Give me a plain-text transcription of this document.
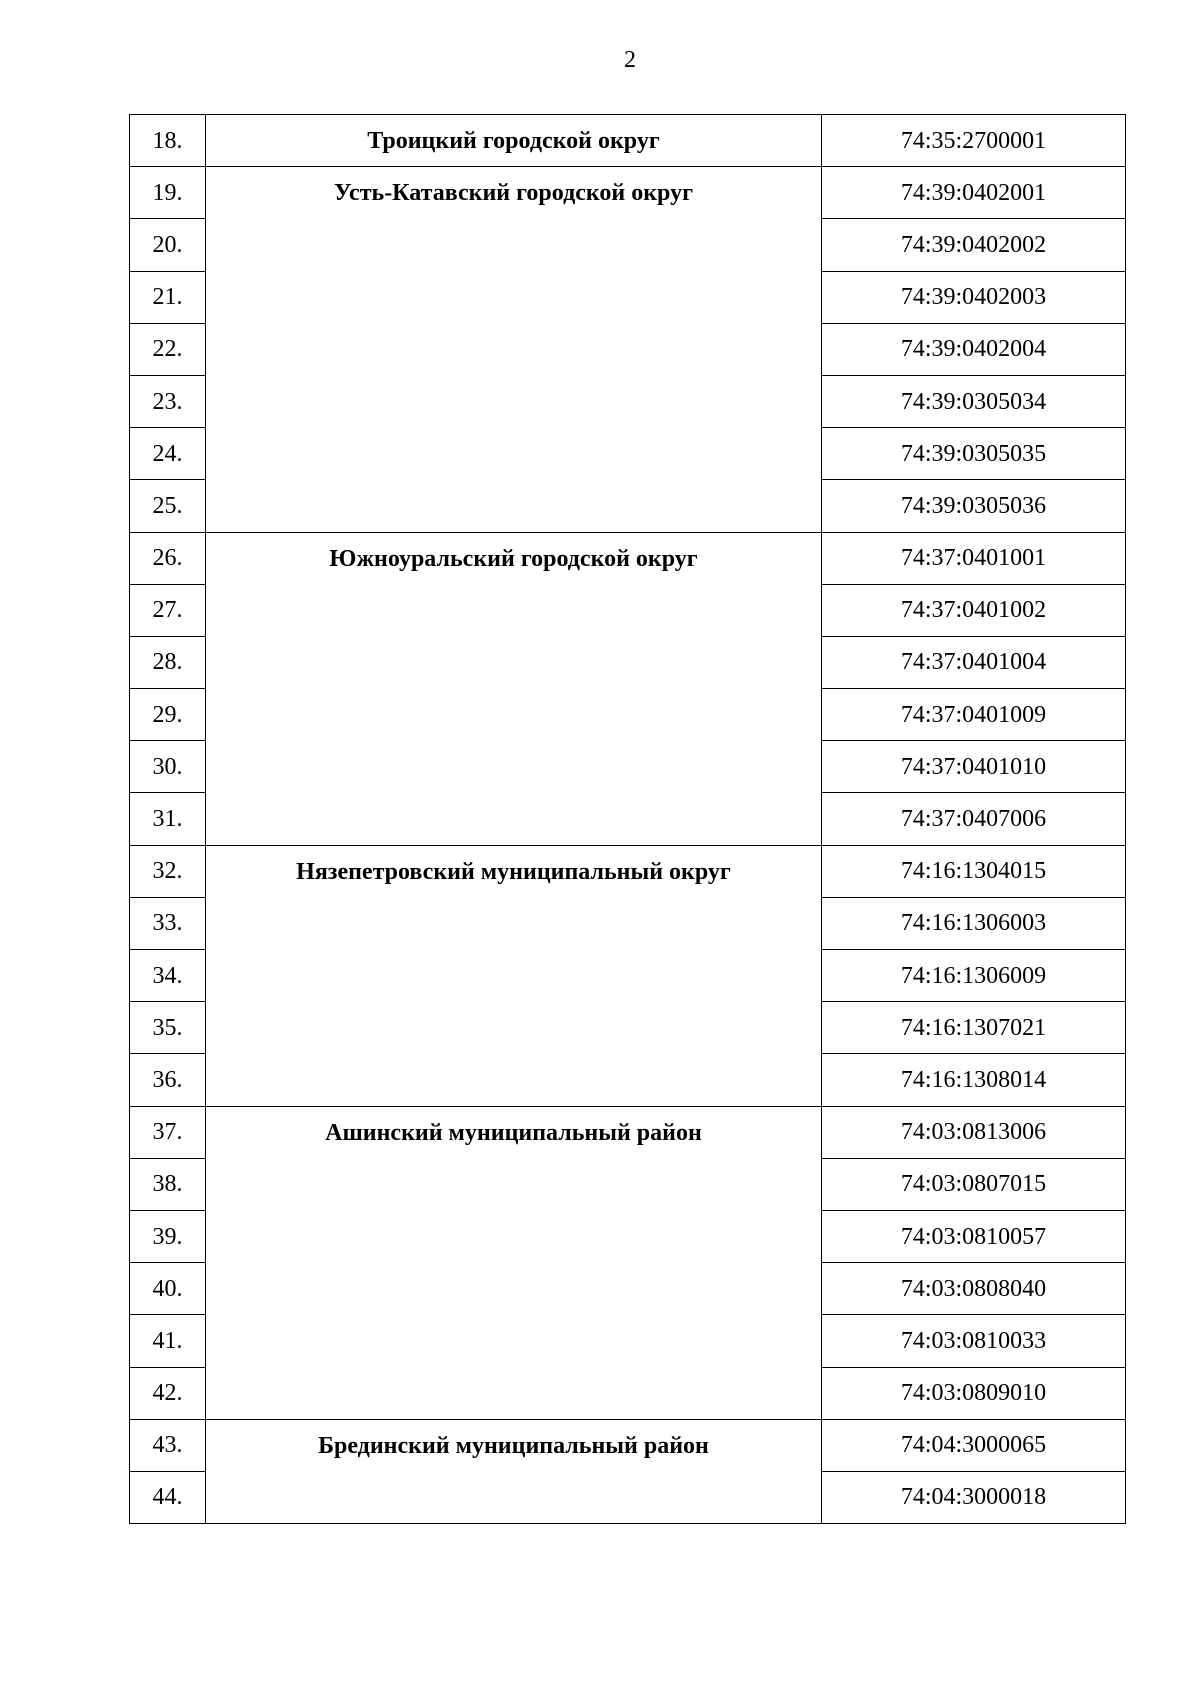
2
18.	Троицкий городской округ	74:35:2700001
19.	Усть-Катавский городской округ	74:39:0402001
20.		74:39:0402002
21.		74:39:0402003
22.		74:39:0402004
23.		74:39:0305034
24.		74:39:0305035
25.		74:39:0305036
26.	Южноуральский городской округ	74:37:0401001
27.		74:37:0401002
28.		74:37:0401004
29.		74:37:0401009
30.		74:37:0401010
31.		74:37:0407006
32.	Нязепетровский муниципальный округ	74:16:1304015
33.		74:16:1306003
34.		74:16:1306009
35.		74:16:1307021
36.		74:16:1308014
37.	Ашинский муниципальный район	74:03:0813006
38.		74:03:0807015
39.		74:03:0810057
40.		74:03:0808040
41.		74:03:0810033
42.		74:03:0809010
43.	Брединский муниципальный район	74:04:3000065
44.		74:04:3000018
